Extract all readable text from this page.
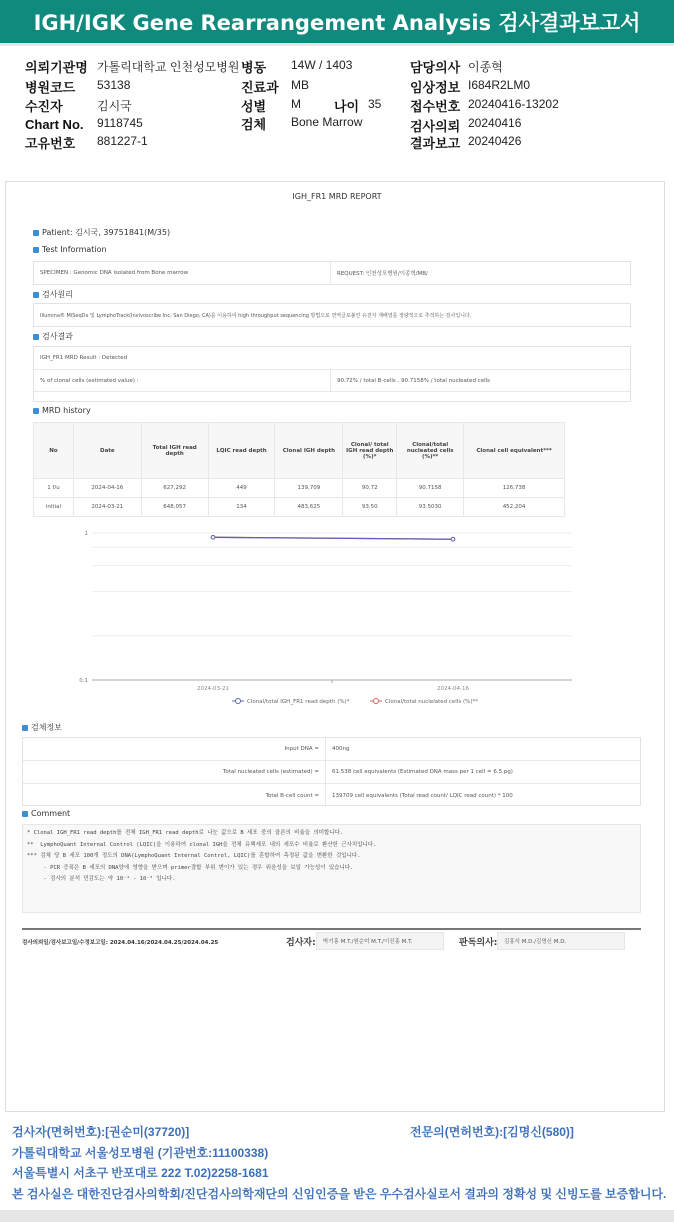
IGH/IGK Gene Rearrangement Analysis 검사결과보고서
의뢰기관명 가톨릭대학교 인천성모병원 병동 14W / 1403	담당의사 이종혁
병원코드 53138	진료과 MB	임상정보 I684R2LM0
수진자	김시국	성별 M	나이 35 접수번호 20240416-13202
Chart No. 9118745	검체 Bone Marrow	검사의뢰 20240416
고유번호 881227-1	결과보고 20240426
IGH_FR1 MRD REPORT
Patient: 김시국, 39751841(M/35)
Test Information
SPECIMEN : Genomic DNA isolated from Bone marrow	REQUEST: 인천성모병원/이종혁/MB/
검사원리
Illumina® MiSeqDx 및 LymphoTrack(Invivoscribe Inc, San Diego, CA)를 이용하여 high throughput sequencing 방법으로 면역글로불린 유전자 재배열를 정량적으로 추적하는 검사입니다.
검사결과
IGH_FR1 MRD Result : Detected
% of clonal cells (estimated value) :	90.72% / total B-cells , 90.7158% / total nucleated cells
MRD history
No	Date	Total IGH read depth	LQIC read depth	Clonal IGH depth	Clonal/ total IGH read depth (%)*	Clonal/total nucleated cells (%)**	Clonal cell equivalent***
1 f/u	2024-04-16	627,292	449	139,709	90.72	90.7158	126,738
initial	2024-03-21	648,057	134	483,625	93.50	93.5030	452,204
1
0.1
2024-03-21	2024-04-16
Clonal/total IGH_FR1 read depth (%)*	Clonal/total nuclelated cells (%)**
검체정보
Input DNA =	400ng
Total nucleated cells (estimated) =	61.538 cell equivalents (Estimated DNA mass per 1 cell = 6.5 pg)
Total B-cell count =	139709 cell equivalents (Total read count/ LQIC read count) * 100
Comment
* Clonal IGH_FR1 read depth를 전체 IGH_FR1 read depth로 나눈 값으로 B 세포 중의 클론의 비율을 의미합니다.
**  LymphoQuant Internal Control (LQIC)을 이용하여 clonal IGH을 전체 유핵세포 내의 세포수 비율로 환산한 근사치입니다.
*** 검체 당 B 세포 100개 정도의 DNA(LymphoQuant Internal Control, LQIC)를 혼합하여 측정된 값을 변환한 것입니다.
- PCR 증폭은 B 세포의 DNA양에 영향을 받으며 primer결합 부위 변이가 있는 경우 위음성을 보일 가능성이 있습니다.
- 검사의 분석 민감도는 약 10⁻⁴ - 10⁻⁵ 입니다.
검사의뢰일/검사보고일/수정보고일: 2024.04.16/2024.04.25/2024.04.25	검사자:	박기홍 M.T./원순미 M.T./이진홍 M.T.	판독의사:	김홍석 M.D./김명신 M.D.
검사자(면허번호):[권순미(37720)]	전문의(면허번호):[김명신(580)]
가톨릭대학교 서울성모병원 (기관번호:11100338)
서울특별시 서초구 반포대로 222 T.02)2258-1681
본 검사실은 대한진단검사의학회/진단검사의학재단의 신임인증을 받은 우수검사실로서 결과의 정확성 및 신빙도를 보증합니다.
